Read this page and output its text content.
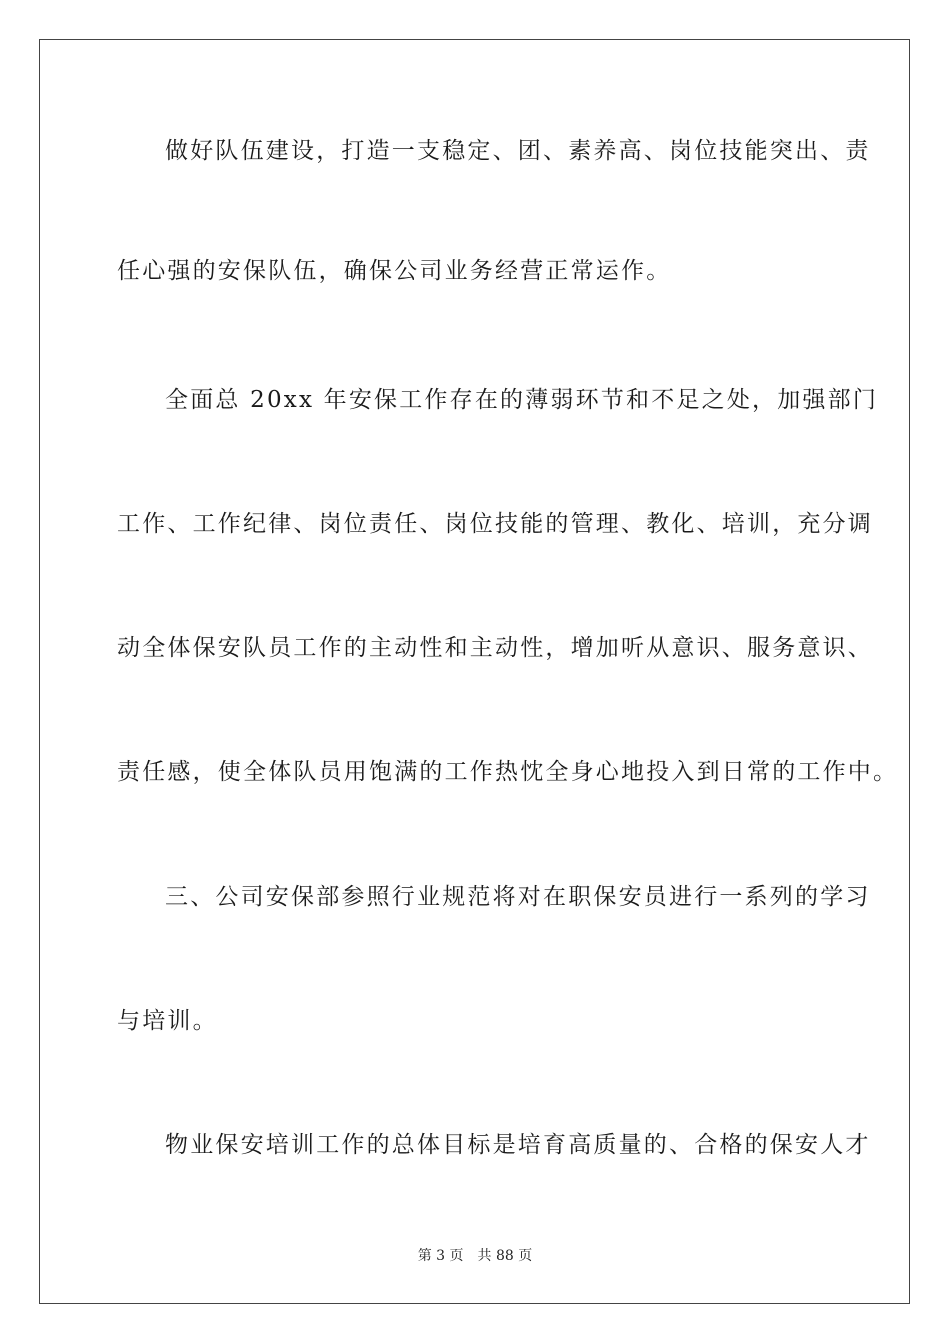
做好队伍建设，打造一支稳定、团、素养高、岗位技能突出、责
任心强的安保队伍，确保公司业务经营正常运作。
全面总 20xx 年安保工作存在的薄弱环节和不足之处，加强部门
工作、工作纪律、岗位责任、岗位技能的管理、教化、培训，充分调
动全体保安队员工作的主动性和主动性，增加听从意识、服务意识、
责任感，使全体队员用饱满的工作热忱全身心地投入到日常的工作中。
三、公司安保部参照行业规范将对在职保安员进行一系列的学习
与培训。
物业保安培训工作的总体目标是培育高质量的、合格的保安人才
第 3 页 共 88 页
